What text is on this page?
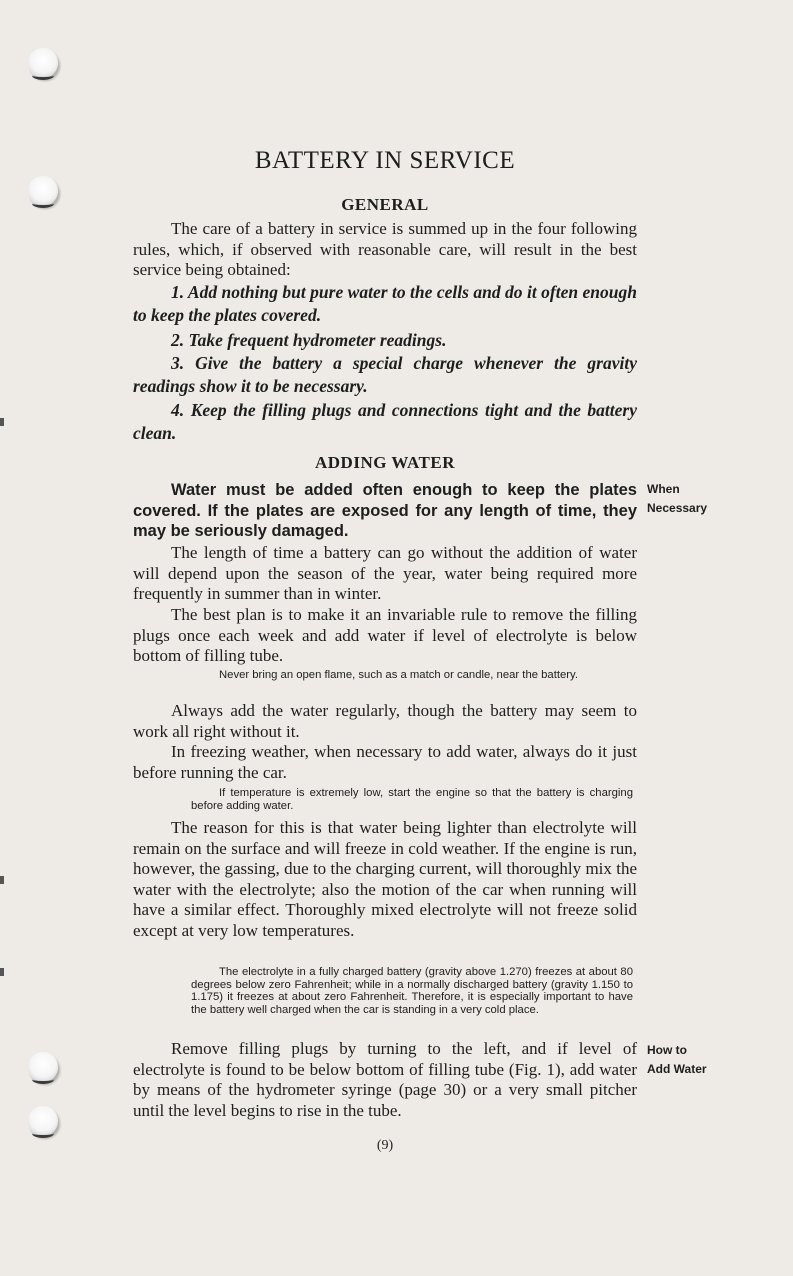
BATTERY IN SERVICE
GENERAL

The care of a battery in service is summed up in the four following rules, which, if observed with reasonable care, will result in the best service being obtained:

1. Add nothing but pure water to the cells and do it often enough to keep the plates covered.

2. Take frequent hydrometer readings.

3. Give the battery a special charge whenever the gravity readings show it to be necessary.

4. Keep the filling plugs and connections tight and the battery clean.

ADDING WATER

Water must be added often enough to keep the plates covered. If the plates are exposed for any length of time, they may be seriously damaged.

The length of time a battery can go without the addition of water will depend upon the season of the year, water being required more frequently in summer than in winter.

The best plan is to make it an invariable rule to remove the filling plugs once each week and add water if level of electrolyte is below bottom of filling tube.

Never bring an open flame, such as a match or candle, near the battery.

Always add the water regularly, though the battery may seem to work all right without it.

In freezing weather, when necessary to add water, always do it just before running the car.

If temperature is extremely low, start the engine so that the battery is charging before adding water.

The reason for this is that water being lighter than electrolyte will remain on the surface and will freeze in cold weather. If the engine is run, however, the gassing, due to the charging current, will thoroughly mix the water with the electrolyte; also the motion of the car when running will have a similar effect. Thoroughly mixed electrolyte will not freeze solid except at very low temperatures.

The electrolyte in a fully charged battery (gravity above 1.270) freezes at about 80 degrees below zero Fahrenheit; while in a normally discharged battery (gravity 1.150 to 1.175) it freezes at about zero Fahrenheit. Therefore, it is especially important to have the battery well charged when the car is standing in a very cold place.

Remove filling plugs by turning to the left, and if level of electrolyte is found to be below bottom of filling tube (Fig. 1), add water by means of the hydrometer syringe (page 30) or a very small pitcher until the level begins to rise in the tube.

(9)
When
Necessary
How to
Add Water
